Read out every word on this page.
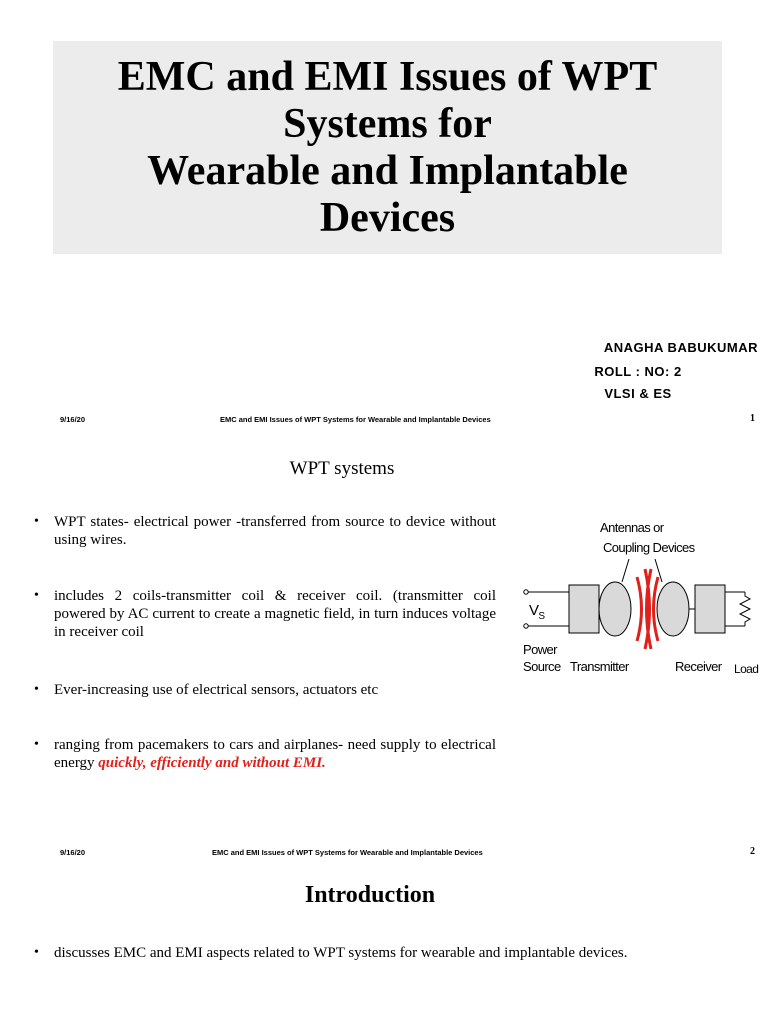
EMC and EMI Issues of WPT
Systems for
Wearable and Implantable
Devices
ANAGHA BABUKUMAR
ROLL : NO: 2
VLSI & ES
9/16/20	EMC and EMI Issues of WPT Systems for Wearable and Implantable Devices	1
WPT systems
• WPT states- electrical power -transferred from source to device without using wires.
• includes 2 coils-transmitter coil & receiver coil. (transmitter coil powered by AC current to create a magnetic field, in turn induces voltage in receiver coil
• Ever-increasing use of electrical sensors, actuators etc
• ranging from pacemakers to cars and airplanes- need supply to electrical energy quickly, efficiently and without EMI.
Antennas or
Coupling Devices
$V_S$
Power
Source Transmitter	Receiver Load
9/16/20	EMC and EMI Issues of WPT Systems for Wearable and Implantable Devices	2
Introduction
• discusses EMC and EMI aspects related to WPT systems for wearable and implantable devices.
